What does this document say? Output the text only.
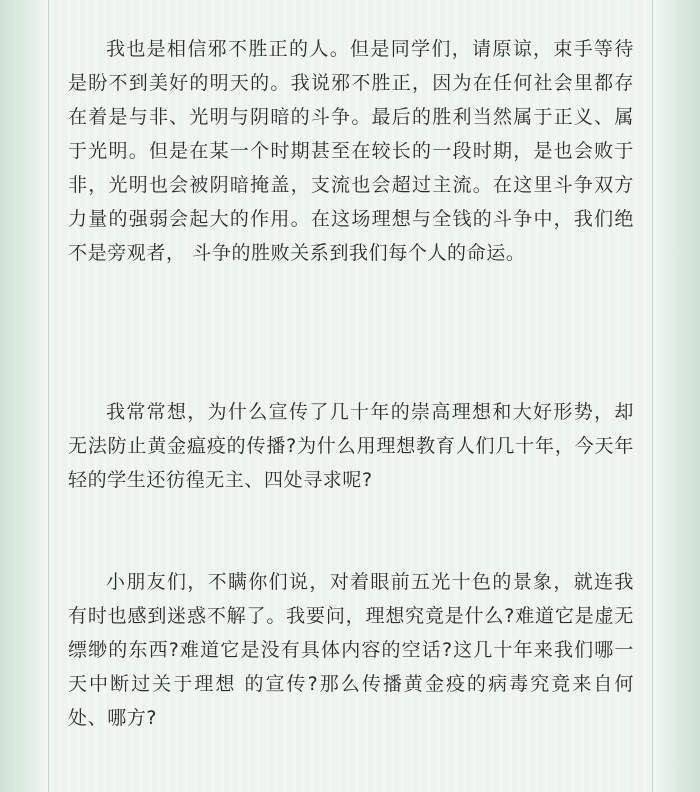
我也是相信邪不胜正的人。但是同学们，请原谅，束手等待是盼不到美好的明天的。我说邪不胜正，因为在任何社会里都存在着是与非、光明与阴暗的斗争。最后的胜利当然属于正义、属于光明。但是在某一个时期甚至在较长的一段时期，是也会败于非，光明也会被阴暗掩盖，支流也会超过主流。在这里斗争双方力量的强弱会起大的作用。在这场理想与全钱的斗争中，我们绝不是旁观者， 斗争的胜败关系到我们每个人的命运。

我常常想，为什么宣传了几十年的崇高理想和大好形势，却无法防止黄金瘟疫的传播?为什么用理想教育人们几十年，今天年轻的学生还彷徨无主、四处寻求呢?

小朋友们，不瞒你们说，对着眼前五光十色的景象，就连我有时也感到迷惑不解了。我要问，理想究竟是什么?难道它是虚无缥缈的东西?难道它是没有具体内容的空话?这几十年来我们哪一天中断过关于理想 的宣传?那么传播黄金疫的病毒究竟来自何处、哪方?
